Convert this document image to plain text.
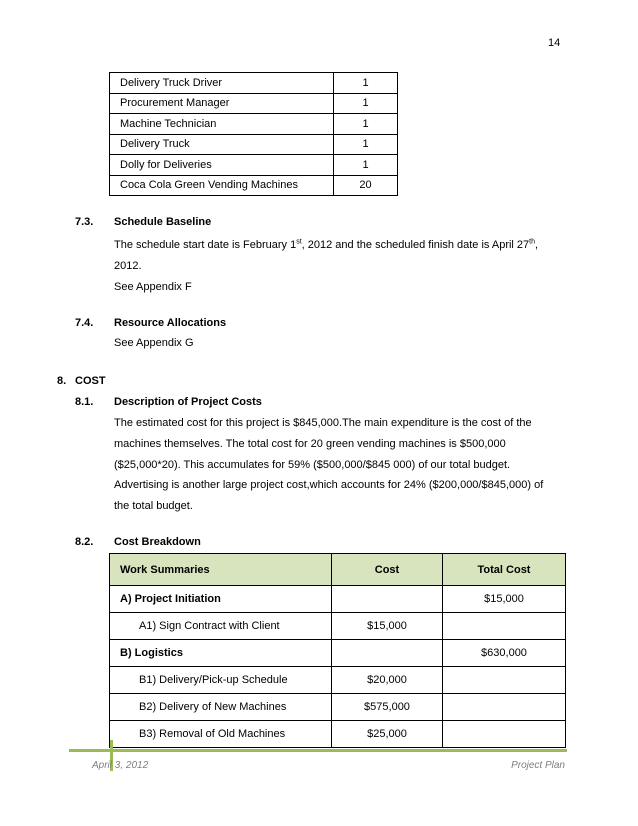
14
Delivery Truck Driver	1
Procurement Manager	1
Machine Technician	1
Delivery Truck	1
Dolly for Deliveries	1
Coca Cola Green Vending Machines	20
7.3. Schedule Baseline
The schedule start date is February 1st, 2012 and the scheduled finish date is April 27th,
2012.
See Appendix F
7.4. Resource Allocations
See Appendix G
8. COST
8.1. Description of Project Costs
The estimated cost for this project is $845,000.The main expenditure is the cost of the
machines themselves. The total cost for 20 green vending machines is $500,000
($25,000*20). This accumulates for 59% ($500,000/$845 000) of our total budget.
Advertising is another large project cost,which accounts for 24% ($200,000/$845,000) of
the total budget.
8.2. Cost Breakdown
Work Summaries	Cost	Total Cost
A) Project Initiation		$15,000
A1) Sign Contract with Client	$15,000	
B) Logistics		$630,000
B1) Delivery/Pick-up Schedule	$20,000	
B2) Delivery of New Machines	$575,000	
B3) Removal of Old Machines	$25,000	
April 3, 2012	Project Plan
